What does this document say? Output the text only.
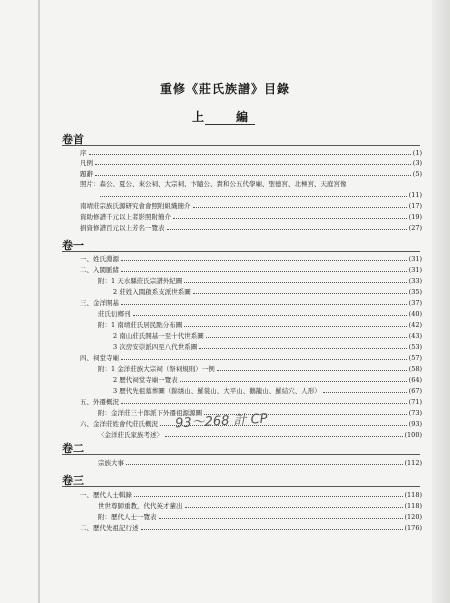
重修《莊氏族譜》目錄
上　編
卷首
序	(1)
凡例	(3)
題辭	(5)
照片：森公、夏公、來公祠、大宗祠、卞隨公、貴和公五代學廟、聖德宮、北極宮、天庭宮像
(11)
南靖莊宗族氏源研究會會照附組織簡介	(17)
資助修譜千元以上者影照附簡介	(19)
捐資修譜百元以上芳名一覽表	(27)
卷一
一、姓氏淵源	(31)
二、入閩脈緒	(31)
附：1 天水縣莊氏宗譜外紀圖	(33)
2 莊姓入閩啟系支派世系圖	(35)
三、金洋開基	(37)
莊氏衍鄉刊	(40)
附：1 南靖莊氏居民點分布圖	(42)
2 南山莊氏開基一至十代世系圖	(43)
3 次房安崇派四至八代世系圖	(53)
四、祠堂寺廟	(57)
附：1 金洋莊族大宗祠（祭祠規則）一例	(58)
2 歷代祠堂寺廟一覽表	(64)
3 歷代先祖墓葬圖（錦綉山、羅裳山、大平山、鵝籠山、羅結穴、人形）	(67)
五、外遷概況	(71)
附：金洋莊三十郎派下外遷祖源源圖	(73)
六、金洋莊姓會代莊氏概況	(93)
〈金洋莊氏家族考述〉	(100)
卷二
宗族大事	(112)
卷三
一、歷代人士輯錄	(118)
世世尊師重教，代代英才輩出	(118)
附：歷代人士一覽表	(120)
二、歷代先祖記行述	(176)
93～268 計 CP
